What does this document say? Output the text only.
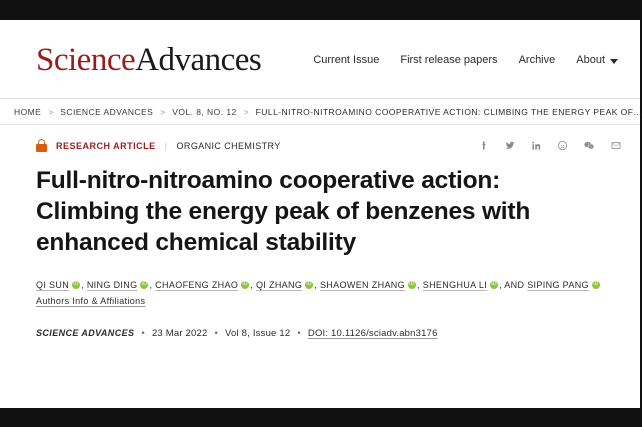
ScienceAdvances	Current Issue First release papers Archive About
HOME > SCIENCE ADVANCES > VOL. 8, NO. 12 > FULL-NITRO-NITROAMINO COOPERATIVE ACTION: CLIMBING THE ENERGY PEAK OF…
RESEARCH ARTICLE | ORGANIC CHEMISTRY
Full-nitro-nitroamino cooperative action: Climbing the energy peak of benzenes with enhanced chemical stability
QI SUN iD , NING DING iD , CHAOFENG ZHAO iD , QI ZHANG iD , SHAOWEN ZHANG iD , SHENGHUA LI iD , AND SIPING PANGiD Authors Info & Affiliations
SCIENCE ADVANCES • 23 Mar 2022 • Vol 8, Issue 12 • DOI: 10.1126/sciadv.abn3176
